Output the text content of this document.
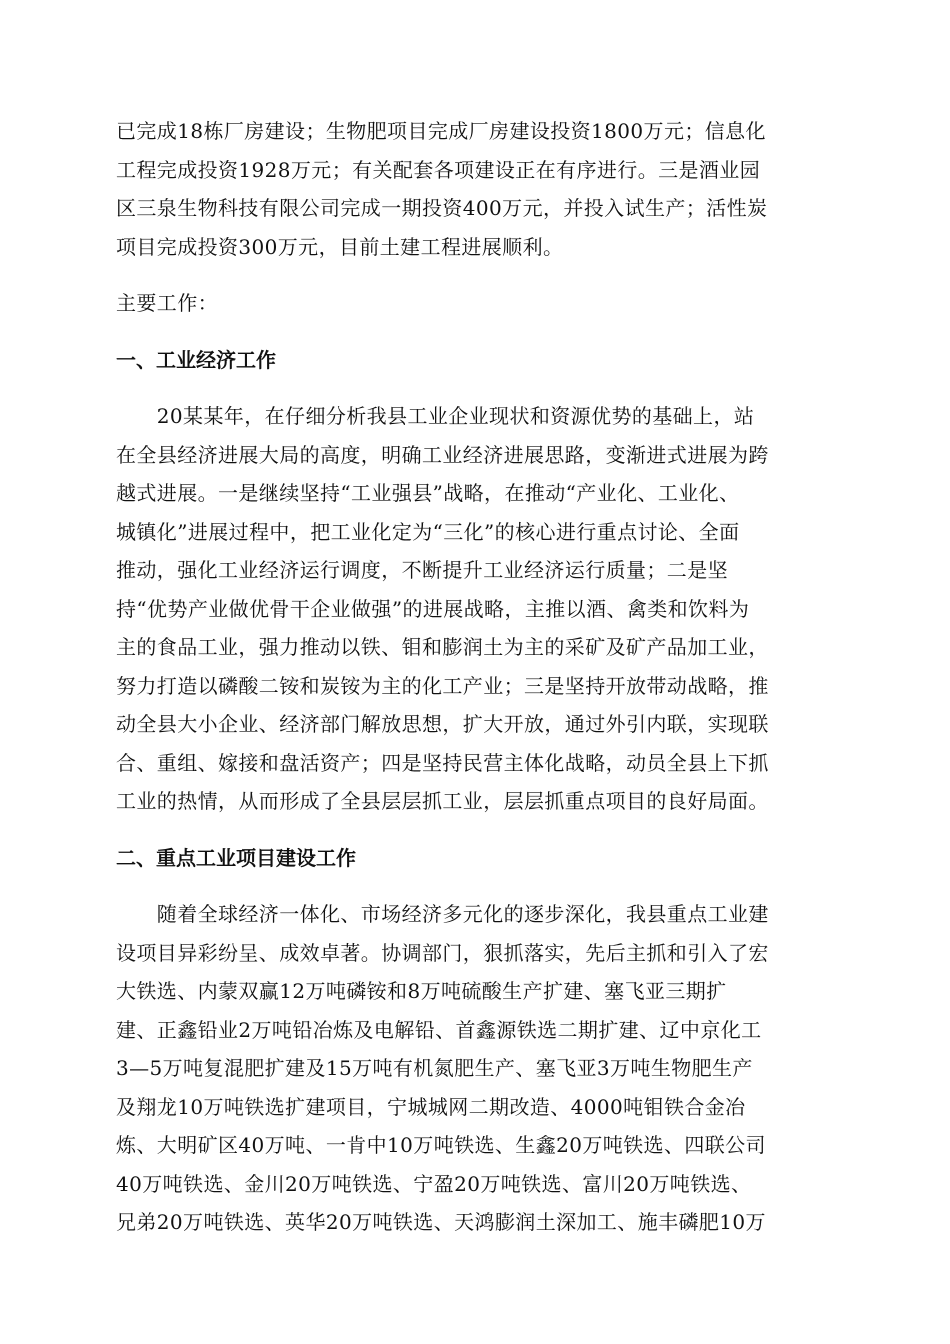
已完成18栋厂房建设；生物肥项目完成厂房建设投资1800万元；信息化
工程完成投资1928万元；有关配套各项建设正在有序进行。三是酒业园
区三泉生物科技有限公司完成一期投资400万元，并投入试生产；活性炭
项目完成投资300万元，目前土建工程进展顺利。
主要工作：
一、工业经济工作
　　20某某年，在仔细分析我县工业企业现状和资源优势的基础上，站
在全县经济进展大局的高度，明确工业经济进展思路，变渐进式进展为跨
越式进展。一是继续坚持“工业强县”战略，在推动“产业化、工业化、
城镇化”进展过程中，把工业化定为“三化”的核心进行重点讨论、全面
推动，强化工业经济运行调度，不断提升工业经济运行质量；二是坚
持“优势产业做优骨干企业做强”的进展战略，主推以酒、禽类和饮料为
主的食品工业，强力推动以铁、钼和膨润土为主的采矿及矿产品加工业，
努力打造以磷酸二铵和炭铵为主的化工产业；三是坚持开放带动战略，推
动全县大小企业、经济部门解放思想，扩大开放，通过外引内联，实现联
合、重组、嫁接和盘活资产；四是坚持民营主体化战略，动员全县上下抓
工业的热情，从而形成了全县层层抓工业，层层抓重点项目的良好局面。
二、重点工业项目建设工作
　　随着全球经济一体化、市场经济多元化的逐步深化，我县重点工业建
设项目异彩纷呈、成效卓著。协调部门，狠抓落实，先后主抓和引入了宏
大铁选、内蒙双赢12万吨磷铵和8万吨硫酸生产扩建、塞飞亚三期扩
建、正鑫铅业2万吨铅冶炼及电解铅、首鑫源铁选二期扩建、辽中京化工
3—5万吨复混肥扩建及15万吨有机氮肥生产、塞飞亚3万吨生物肥生产
及翔龙10万吨铁选扩建项目，宁城城网二期改造、4000吨钼铁合金冶
炼、大明矿区40万吨、一肯中10万吨铁选、生鑫20万吨铁选、四联公司
40万吨铁选、金川20万吨铁选、宁盈20万吨铁选、富川20万吨铁选、
兄弟20万吨铁选、英华20万吨铁选、天鸿膨润土深加工、施丰磷肥10万
